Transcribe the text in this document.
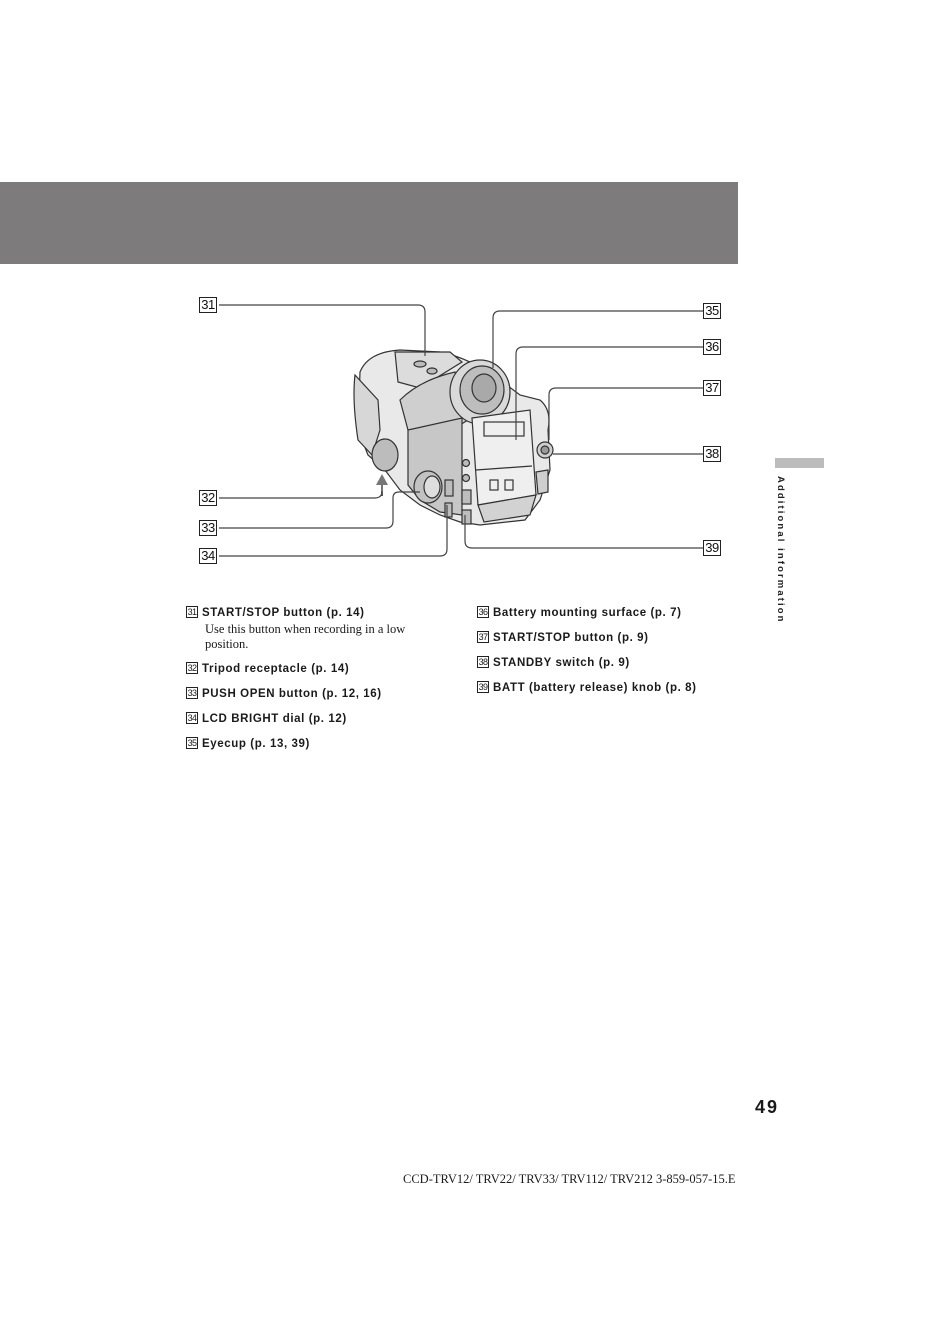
Additional information
31
32
33
34
35
36
37
38
39
31 START/STOP button (p. 14)
Use this button when recording in a low position.
32 Tripod receptacle (p. 14)
33 PUSH OPEN button (p. 12, 16)
34 LCD BRIGHT dial (p. 12)
35 Eyecup (p. 13, 39)
36 Battery mounting surface (p. 7)
37 START/STOP button (p. 9)
38 STANDBY switch (p. 9)
39 BATT (battery release) knob (p. 8)
49
CCD-TRV12/ TRV22/ TRV33/ TRV112/ TRV212 3-859-057-15.E
